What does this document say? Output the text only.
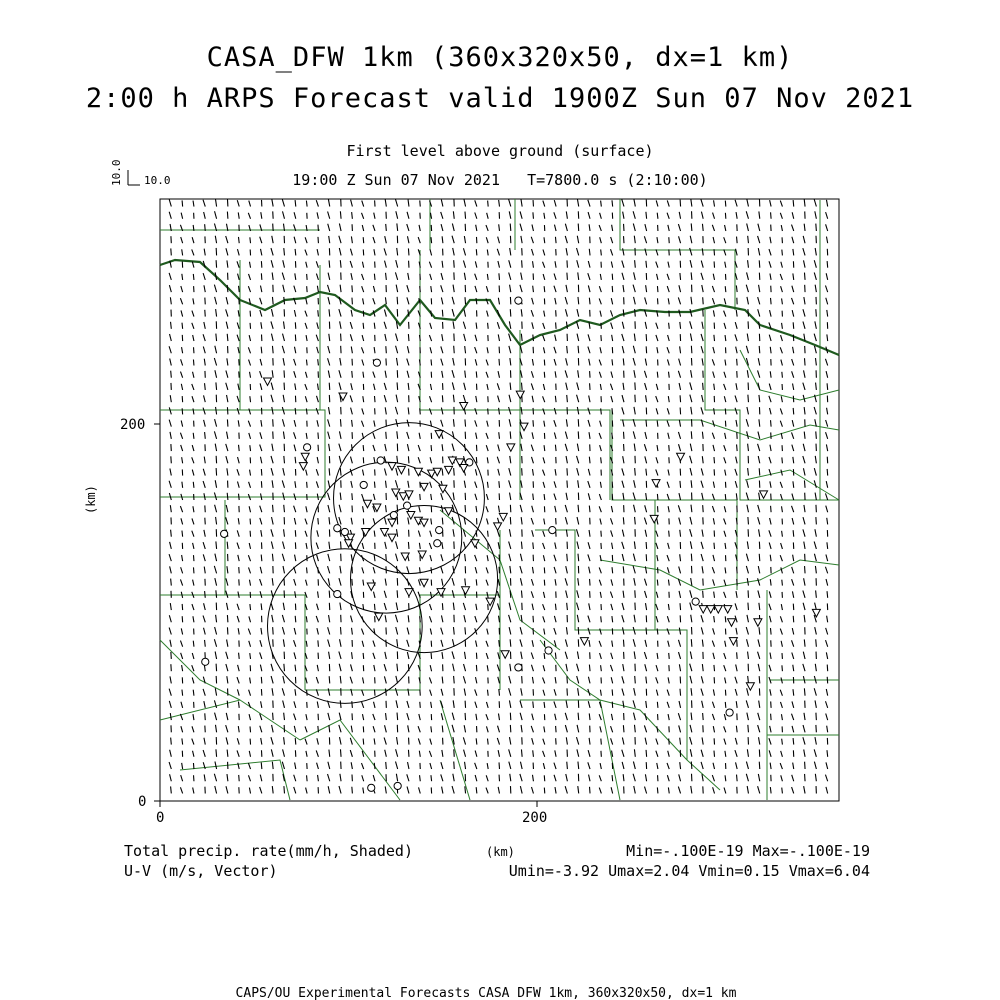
CASA_DFW 1km (360x320x50, dx=1 km)
2:00 h ARPS Forecast valid 1900Z Sun 07 Nov 2021
First level above ground (surface)
19:00 Z Sun 07 Nov 2021   T=7800.0 s (2:10:00)
10.0 10.0
0	200
0
200
(km)
(km)
Total precip. rate(mm/h, Shaded)
U-V (m/s, Vector)
Min=-.100E-19 Max=-.100E-19
Umin=-3.92 Umax=2.04 Vmin=0.15 Vmax=6.04
CAPS/OU Experimental Forecasts CASA DFW 1km, 360x320x50, dx=1 km
